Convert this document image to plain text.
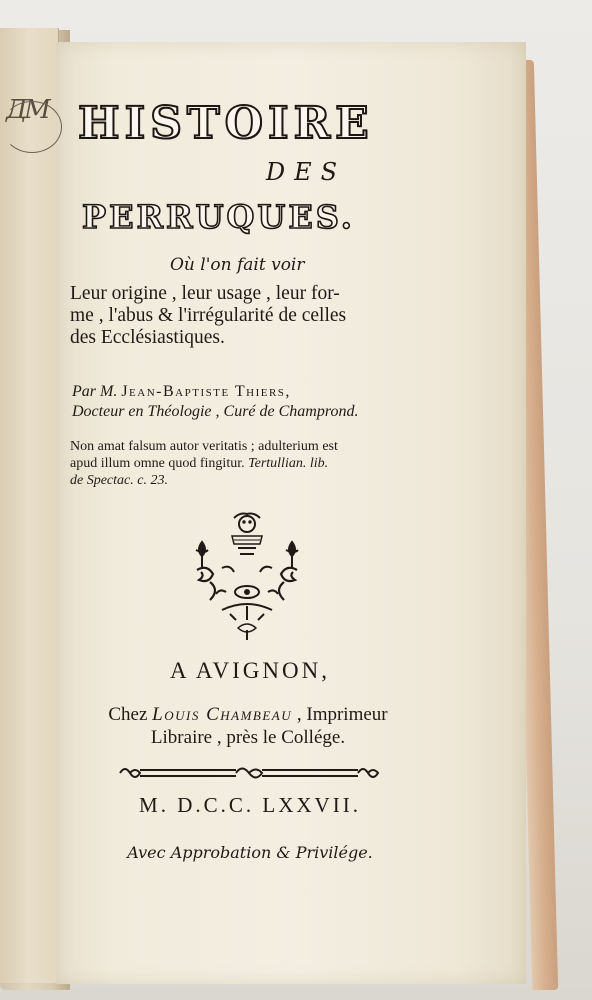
ДМ HISTOIRE
DES
PERRUQUES.
Où l'on fait voir
Leur origine , leur usage , leur for-
me , l'abus & l'irrégularité de celles
des Ecclésiastiques.
Par M. Jean-Baptiste Thiers,
Docteur en Théologie , Curé de Champrond.
Non amat falsum autor veritatis ; adulterium est
apud illum omne quod fingitur. Tertullian. lib.
de Spectac. c. 23.
A AVIGNON,
Chez Louis Chambeau , Imprimeur
Libraire , près le Collége.
M. D.C.C. LXXVII.
Avec Approbation & Privilége.
